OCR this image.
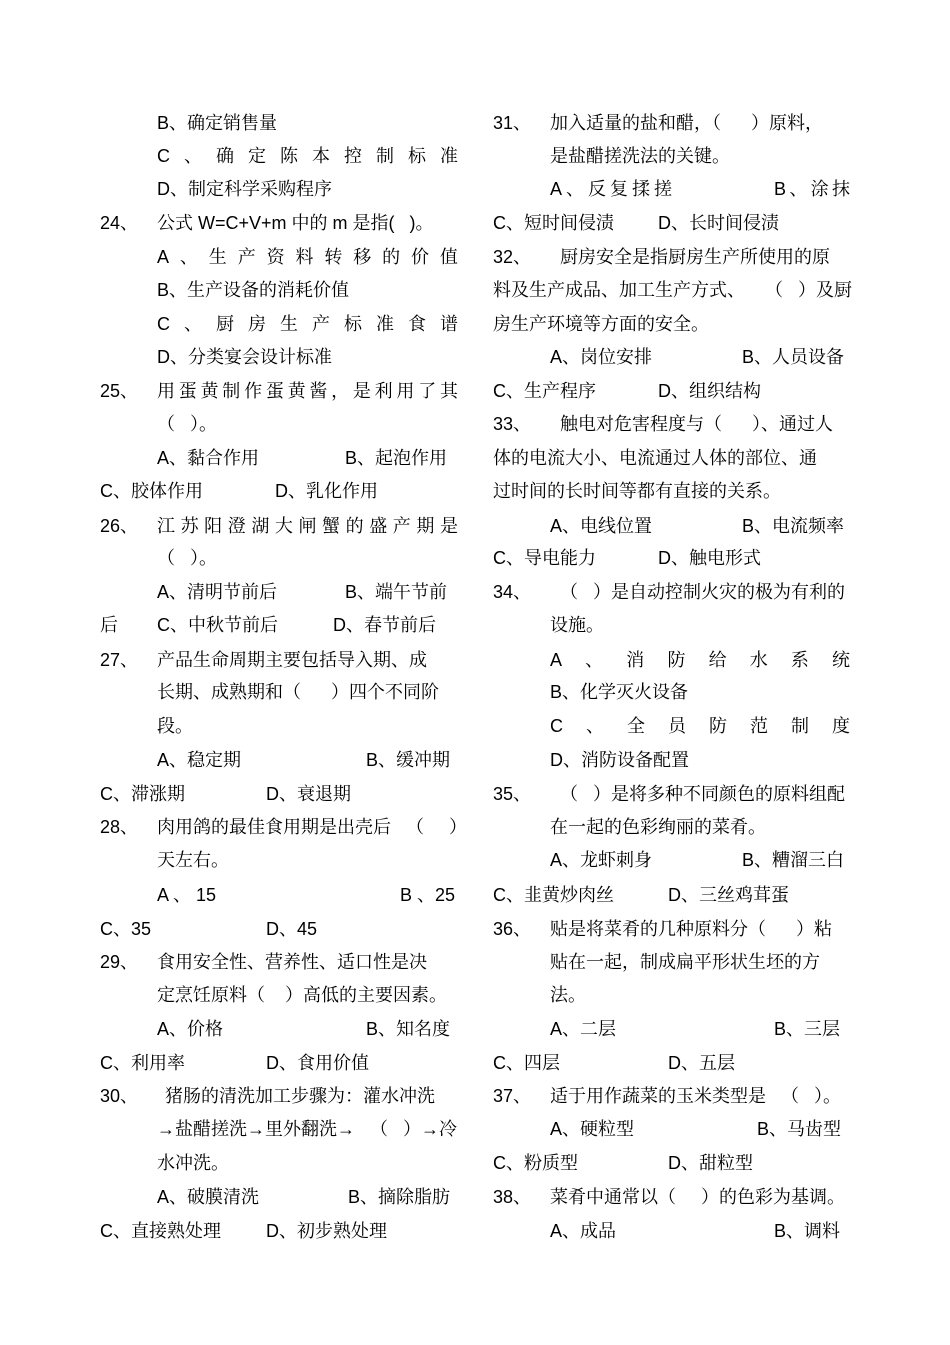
B、确定销售量
C 、 确 定 陈 本 控 制 标 准
D、制定科学采购程序
24、 公式 W=C+V+m 中的 m 是指(   )。
A 、 生 产 资 料 转 移 的 价 值
B、生产设备的消耗价值
C 、 厨 房 生 产 标 准 食 谱
D、分类宴会设计标准
25、 用 蛋 黄 制 作 蛋 黄 酱 ， 是 利 用 了 其
（   ）。
A、黏合作用	B、起泡作用
C、胶体作用	D、乳化作用
26、 江 苏 阳 澄 湖 大 闸 蟹 的 盛 产 期 是
（   ）。
A、清明节前后	B、端午节前
后 C、中秋节前后	D、春节前后
27、 产品生命周期主要包括导入期、成
长期、成熟期和（      ）四个不同阶
段。
A、稳定期	B、缓冲期
C、滞涨期	D、衰退期
28、 肉用鸽的最佳食用期是出壳后   （     ）
天左右。
A 、 15	B 、25
C、35	D、45
29、 食用安全性、营养性、适口性是决
定烹饪原料（    ）高低的主要因素。
A、价格	B、知名度
C、利用率	D、食用价值
30、 猪肠的清洗加工步骤为：灌水冲洗
→盐醋搓洗→里外翻洗→   （   ）→冷
水冲洗。
A、破膜清洗	B、摘除脂肪
C、直接熟处理	D、初步熟处理
31、 加入适量的盐和醋，（      ）原料，
是盐醋搓洗法的关键。
A 、 反 复 揉 搓	B 、 涂 抹
C、短时间侵渍 D、长时间侵渍
32、 厨房安全是指厨房生产所使用的原
料及生产成品、加工生产方式、    （   ）及厨
房生产环境等方面的安全。
A、岗位安排	B、人员设备
C、生产程序	D、组织结构
33、 触电对危害程度与（      ）、通过人
体的电流大小、电流通过人体的部位、通
过时间的长时间等都有直接的关系。
A、电线位置	B、电流频率
C、导电能力	D、触电形式
34、 （   ）是自动控制火灾的极为有利的
设施。
A 、 消 防 给 水 系 统
B、化学灭火设备
C 、 全 员 防 范 制 度
D、消防设备配置
35、 （   ）是将多种不同颜色的原料组配
在一起的色彩绚丽的菜肴。
A、龙虾刺身	B、糟溜三白
C、韭黄炒肉丝	D、三丝鸡茸蛋
36、 贴是将菜肴的几种原料分（      ）粘
贴在一起，制成扁平形状生坯的方
法。
A、二层	B、三层
C、四层	D、五层
37、 适于用作蔬菜的玉米类型是   （   ）。
A、硬粒型	B、马齿型
C、粉质型	D、甜粒型
38、 菜肴中通常以（     ）的色彩为基调。
A、成品	B、调料
